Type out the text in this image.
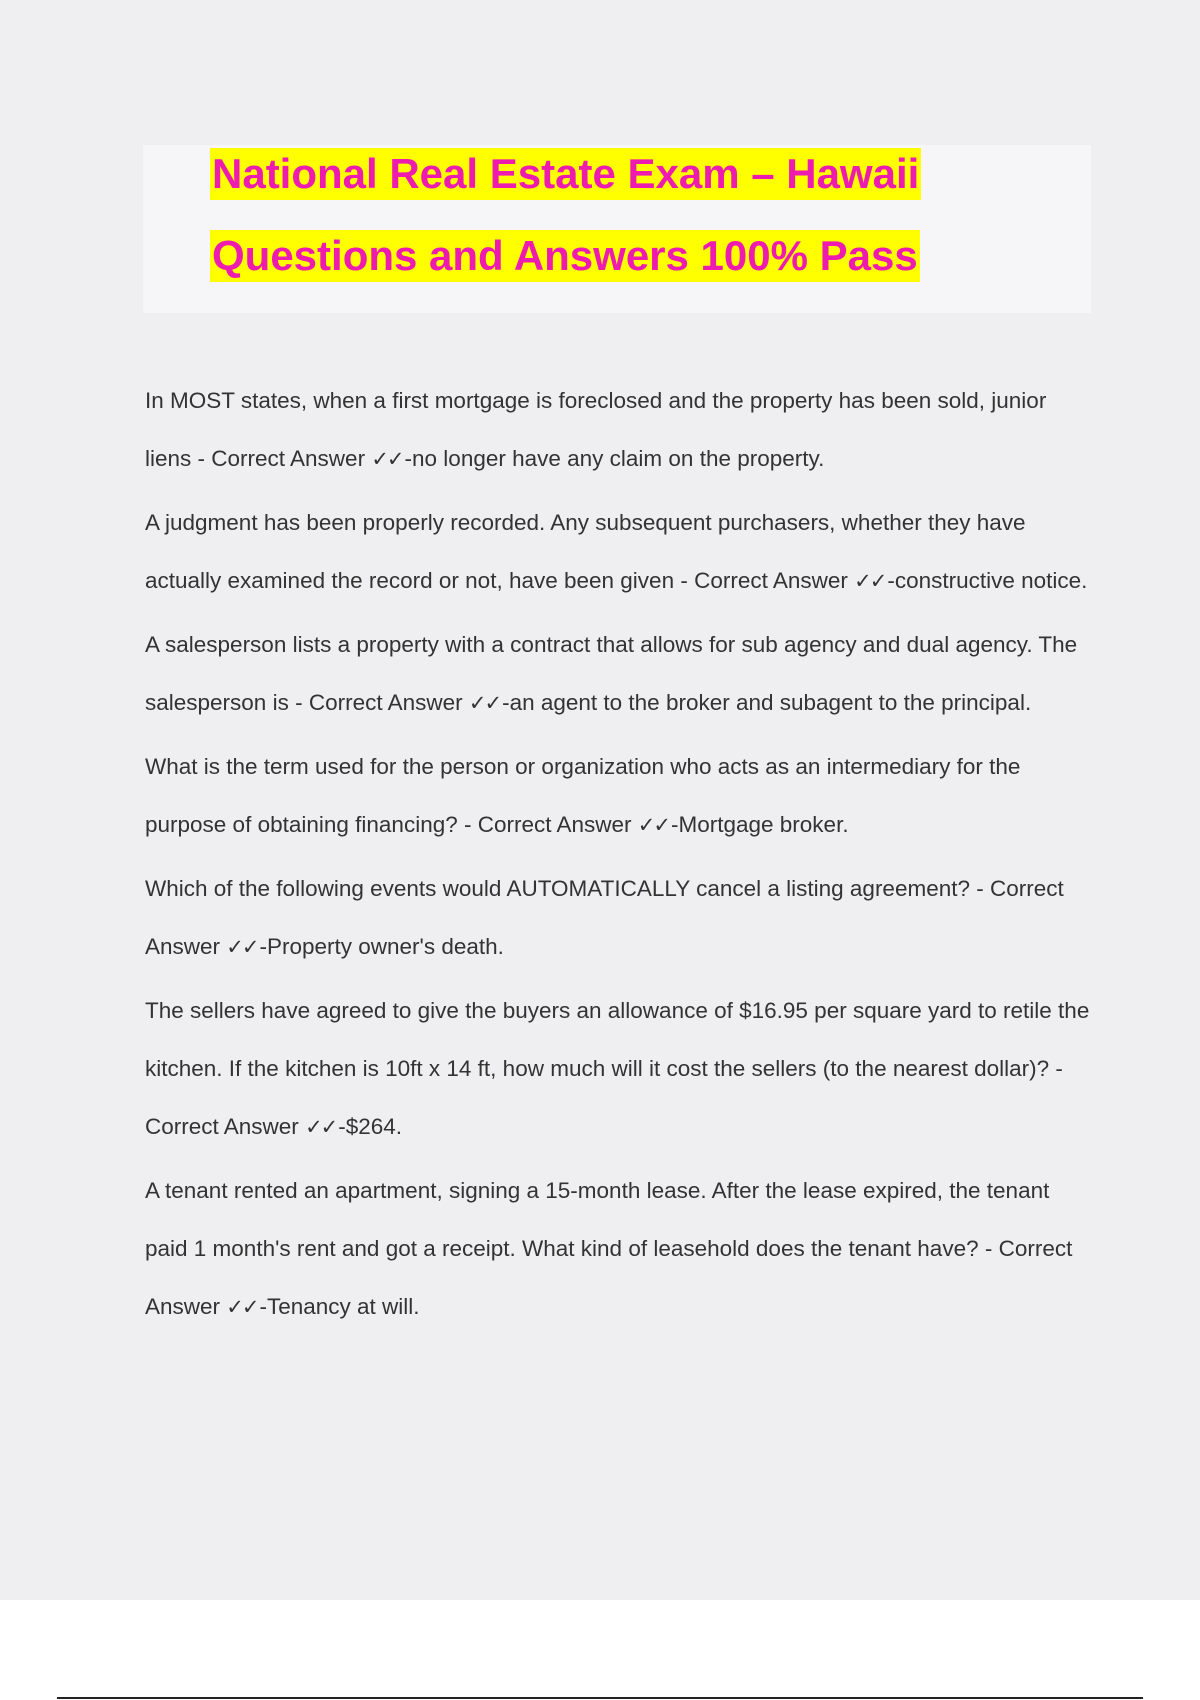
National Real Estate Exam – Hawaii
Questions and Answers 100% Pass

In MOST states, when a first mortgage is foreclosed and the property has been sold, junior liens - Correct Answer ✓✓-no longer have any claim on the property.

A judgment has been properly recorded. Any subsequent purchasers, whether they have actually examined the record or not, have been given - Correct Answer ✓✓-constructive notice.

A salesperson lists a property with a contract that allows for sub agency and dual agency. The salesperson is - Correct Answer ✓✓-an agent to the broker and subagent to the principal.

What is the term used for the person or organization who acts as an intermediary for the purpose of obtaining financing? - Correct Answer ✓✓-Mortgage broker.

Which of the following events would AUTOMATICALLY cancel a listing agreement? - Correct Answer ✓✓-Property owner's death.

The sellers have agreed to give the buyers an allowance of $16.95 per square yard to retile the kitchen. If the kitchen is 10ft x 14 ft, how much will it cost the sellers (to the nearest dollar)? - Correct Answer ✓✓-$264.

A tenant rented an apartment, signing a 15-month lease. After the lease expired, the tenant paid 1 month's rent and got a receipt. What kind of leasehold does the tenant have? - Correct Answer ✓✓-Tenancy at will.
